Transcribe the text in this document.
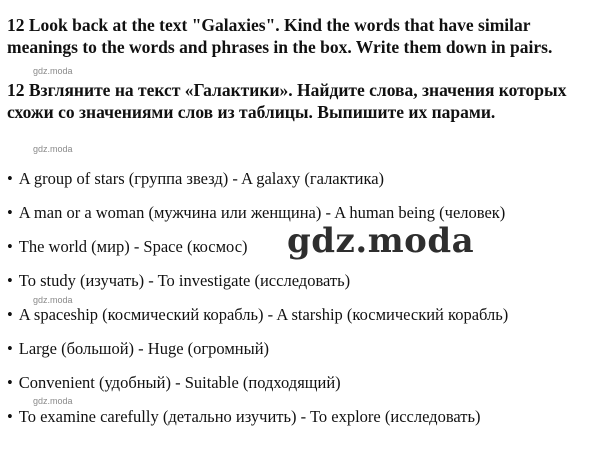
12 Look back at the text "Galaxies". Kind the words that have similar
meanings to the words and phrases in the box. Write them down in pairs.
gdz.moda
12 Взгляните на текст «Галактики». Найдите слова, значения которых
схожи со значениями слов из таблицы. Выпишите их парами.
gdz.moda
• A group of stars (группа звезд) - A galaxy (галактика)
• A man or a woman (мужчина или женщина) - A human being (человек)
• The world (мир) - Space (космос) gdz.moda
• To study (изучать) - To investigate (исследовать)
gdz.moda
• A spaceship (космический корабль) - A starship (космический корабль)
• Large (большой) - Huge (огромный)
• Convenient (удобный) - Suitable (подходящий)
gdz.moda
• To examine carefully (детально изучить) - To explore (исследовать)
